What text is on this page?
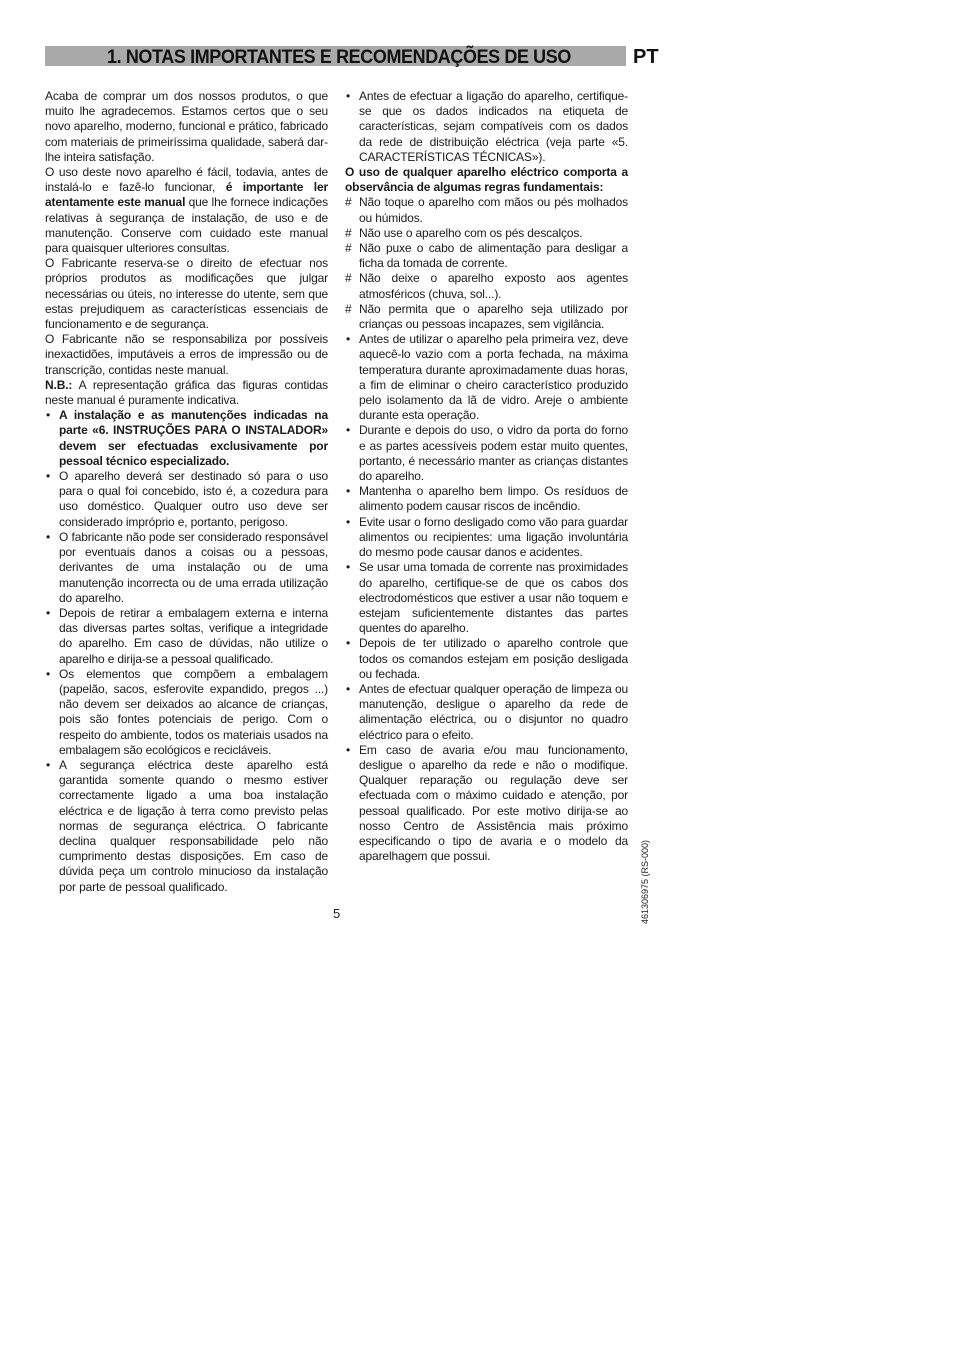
1. NOTAS IMPORTANTES E RECOMENDAÇÕES DE USO	PT

Acaba de comprar um dos nossos produtos, o que muito lhe agradecemos. Estamos certos que o seu novo aparelho, moderno, funcional e prático, fabricado com materiais de primeiríssima qualidade, saberá dar-lhe inteira satisfação.

O uso deste novo aparelho é fácil, todavia, antes de instalá-lo e fazê-lo funcionar, é importante ler atentamente este manual que lhe fornece indicações relativas à segurança de instalação, de uso e de manutenção. Conserve com cuidado este manual para quaisquer ulteriores consultas.

O Fabricante reserva-se o direito de efectuar nos próprios produtos as modificações que julgar necessárias ou úteis, no interesse do utente, sem que estas prejudiquem as características essenciais de funcionamento e de segurança.

O Fabricante não se responsabiliza por possíveis inexactidões, imputáveis a erros de impressão ou de transcrição, contidas neste manual.

N.B.: A representação gráfica das figuras contidas neste manual é puramente indicativa.

• A instalação e as manutenções indicadas na parte «6. INSTRUÇÕES PARA O INSTALADOR» devem ser efectuadas exclusivamente por pessoal técnico especializado.
• O aparelho deverá ser destinado só para o uso para o qual foi concebido, isto é, a cozedura para uso doméstico. Qualquer outro uso deve ser considerado impróprio e, portanto, perigoso.
• O fabricante não pode ser considerado responsável por eventuais danos a coisas ou a pessoas, derivantes de uma instalação ou de uma manutenção incorrecta ou de uma errada utilização do aparelho.
• Depois de retirar a embalagem externa e interna das diversas partes soltas, verifique a integridade do aparelho. Em caso de dúvidas, não utilize o aparelho e dirija-se a pessoal qualificado.
• Os elementos que compõem a embalagem (papelão, sacos, esferovite expandido, pregos ...) não devem ser deixados ao alcance de crianças, pois são fontes potenciais de perigo. Com o respeito do ambiente, todos os materiais usados na embalagem são ecológicos e recicláveis.
• A segurança eléctrica deste aparelho está garantida somente quando o mesmo estiver correctamente ligado a uma boa instalação eléctrica e de ligação à terra como previsto pelas normas de segurança eléctrica. O fabricante declina qualquer responsabilidade pelo não cumprimento destas disposições. Em caso de dúvida peça um controlo minucioso da instalação por parte de pessoal qualificado.
• Antes de efectuar a ligação do aparelho, certifique-se que os dados indicados na etiqueta de características, sejam compatíveis com os dados da rede de distribuição eléctrica (veja parte «5. CARACTERÍSTICAS TÉCNICAS»).

O uso de qualquer aparelho eléctrico comporta a observância de algumas regras fundamentais:

# Não toque o aparelho com mãos ou pés molhados ou húmidos.
# Não use o aparelho com os pés descalços.
# Não puxe o cabo de alimentação para desligar a ficha da tomada de corrente.
# Não deixe o aparelho exposto aos agentes atmosféricos (chuva, sol...).
# Não permita que o aparelho seja utilizado por crianças ou pessoas incapazes, sem vigilância.
• Antes de utilizar o aparelho pela primeira vez, deve aquecê-lo vazio com a porta fechada, na máxima temperatura durante aproximadamente duas horas, a fim de eliminar o cheiro característico produzido pelo isolamento da lã de vidro. Areje o ambiente durante esta operação.
• Durante e depois do uso, o vidro da porta do forno e as partes acessíveis podem estar muito quentes, portanto, é necessário manter as crianças distantes do aparelho.
• Mantenha o aparelho bem limpo. Os resíduos de alimento podem causar riscos de incêndio.
• Evite usar o forno desligado como vão para guardar alimentos ou recipientes: uma ligação involuntária do mesmo pode causar danos e acidentes.
• Se usar uma tomada de corrente nas proximidades do aparelho, certifique-se de que os cabos dos electrodomésticos que estiver a usar não toquem e estejam suficientemente distantes das partes quentes do aparelho.
• Depois de ter utilizado o aparelho controle que todos os comandos estejam em posição desligada ou fechada.
• Antes de efectuar qualquer operação de limpeza ou manutenção, desligue o aparelho da rede de alimentação eléctrica, ou o disjuntor no quadro eléctrico para o efeito.
• Em caso de avaria e/ou mau funcionamento, desligue o aparelho da rede e não o modifique. Qualquer reparação ou regulação deve ser efectuada com o máximo cuidado e atenção, por pessoal qualificado. Por este motivo dirija-se ao nosso Centro de Assistência mais próximo especificando o tipo de avaria e o modelo da aparelhagem que possui.
5	461306975 (RS-000)
